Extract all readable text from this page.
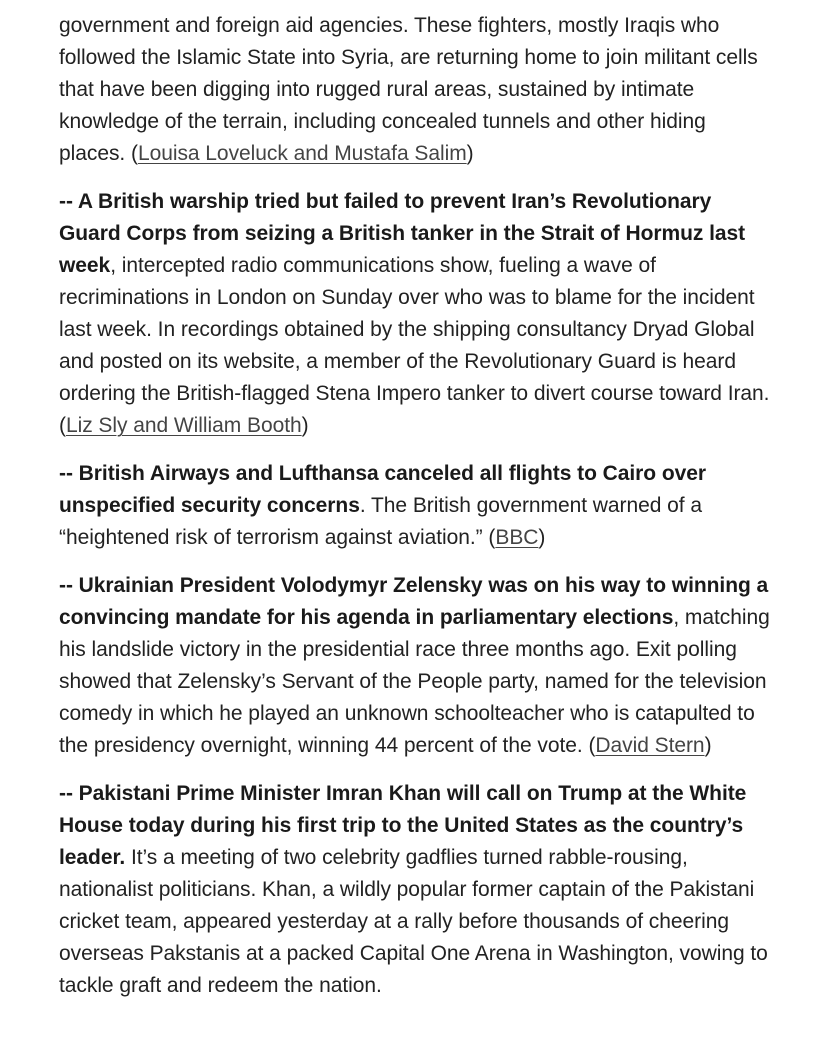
government and foreign aid agencies. These fighters, mostly Iraqis who followed the Islamic State into Syria, are returning home to join militant cells that have been digging into rugged rural areas, sustained by intimate knowledge of the terrain, including concealed tunnels and other hiding places. (Louisa Loveluck and Mustafa Salim)

-- A British warship tried but failed to prevent Iran’s Revolutionary Guard Corps from seizing a British tanker in the Strait of Hormuz last week, intercepted radio communications show, fueling a wave of recriminations in London on Sunday over who was to blame for the incident last week. In recordings obtained by the shipping consultancy Dryad Global and posted on its website, a member of the Revolutionary Guard is heard ordering the British-flagged Stena Impero tanker to divert course toward Iran. (Liz Sly and William Booth)

-- British Airways and Lufthansa canceled all flights to Cairo over unspecified security concerns. The British government warned of a “heightened risk of terrorism against aviation.” (BBC)

-- Ukrainian President Volodymyr Zelensky was on his way to winning a convincing mandate for his agenda in parliamentary elections, matching his landslide victory in the presidential race three months ago. Exit polling showed that Zelensky’s Servant of the People party, named for the television comedy in which he played an unknown schoolteacher who is catapulted to the presidency overnight, winning 44 percent of the vote. (David Stern)

-- Pakistani Prime Minister Imran Khan will call on Trump at the White House today during his first trip to the United States as the country’s leader. It’s a meeting of two celebrity gadflies turned rabble-rousing, nationalist politicians. Khan, a wildly popular former captain of the Pakistani cricket team, appeared yesterday at a rally before thousands of cheering overseas Pakstanis at a packed Capital One Arena in Washington, vowing to tackle graft and redeem the nation.
